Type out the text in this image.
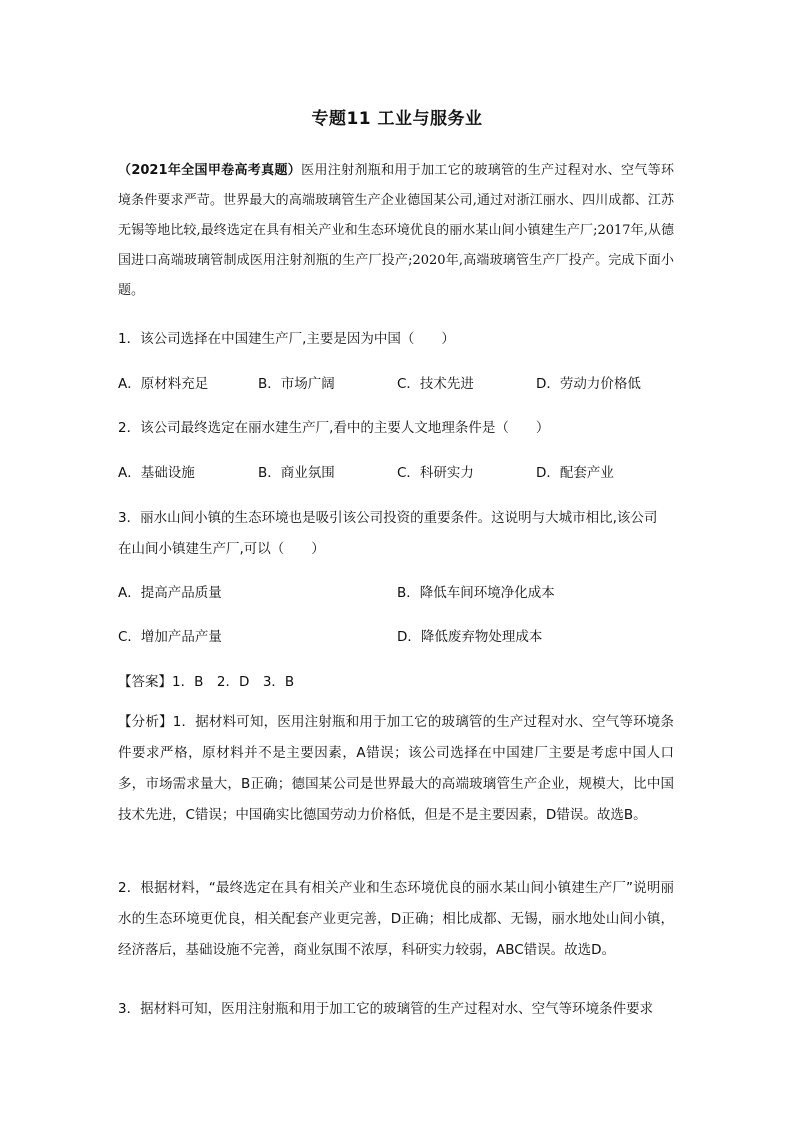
专题11 工业与服务业
（2021年全国甲卷高考真题）医用注射剂瓶和用于加工它的玻璃管的生产过程对水、空气等环境条件要求严苛。世界最大的高端玻璃管生产企业德国某公司,通过对浙江丽水、四川成都、江苏无锡等地比较,最终选定在具有相关产业和生态环境优良的丽水某山间小镇建生产厂;2017年,从德国进口高端玻璃管制成医用注射剂瓶的生产厂投产;2020年,高端玻璃管生产厂投产。完成下面小题。
1．该公司选择在中国建生产厂,主要是因为中国（　　）
A．原材料充足	B．市场广阔	C．技术先进	D．劳动力价格低
2．该公司最终选定在丽水建生产厂,看中的主要人文地理条件是（　　）
A．基础设施	B．商业氛围	C．科研实力	D．配套产业
3．丽水山间小镇的生态环境也是吸引该公司投资的重要条件。这说明与大城市相比,该公司
在山间小镇建生产厂,可以（　　）
A．提高产品质量	B．降低车间环境净化成本
C．增加产品产量	D．降低废弃物处理成本
【答案】1．B　2．D　3．B
【分析】1．据材料可知，医用注射瓶和用于加工它的玻璃管的生产过程对水、空气等环境条件要求严格，原材料并不是主要因素，A错误；该公司选择在中国建厂主要是考虑中国人口多，市场需求量大，B正确；德国某公司是世界最大的高端玻璃管生产企业，规模大，比中国技术先进，C错误；中国确实比德国劳动力价格低，但是不是主要因素，D错误。故选B。
2．根据材料，“最终选定在具有相关产业和生态环境优良的丽水某山间小镇建生产厂”说明丽水的生态环境更优良，相关配套产业更完善，D正确；相比成都、无锡，丽水地处山间小镇，经济落后，基础设施不完善，商业氛围不浓厚，科研实力较弱，ABC错误。故选D。
3．据材料可知，医用注射瓶和用于加工它的玻璃管的生产过程对水、空气等环境条件要求
